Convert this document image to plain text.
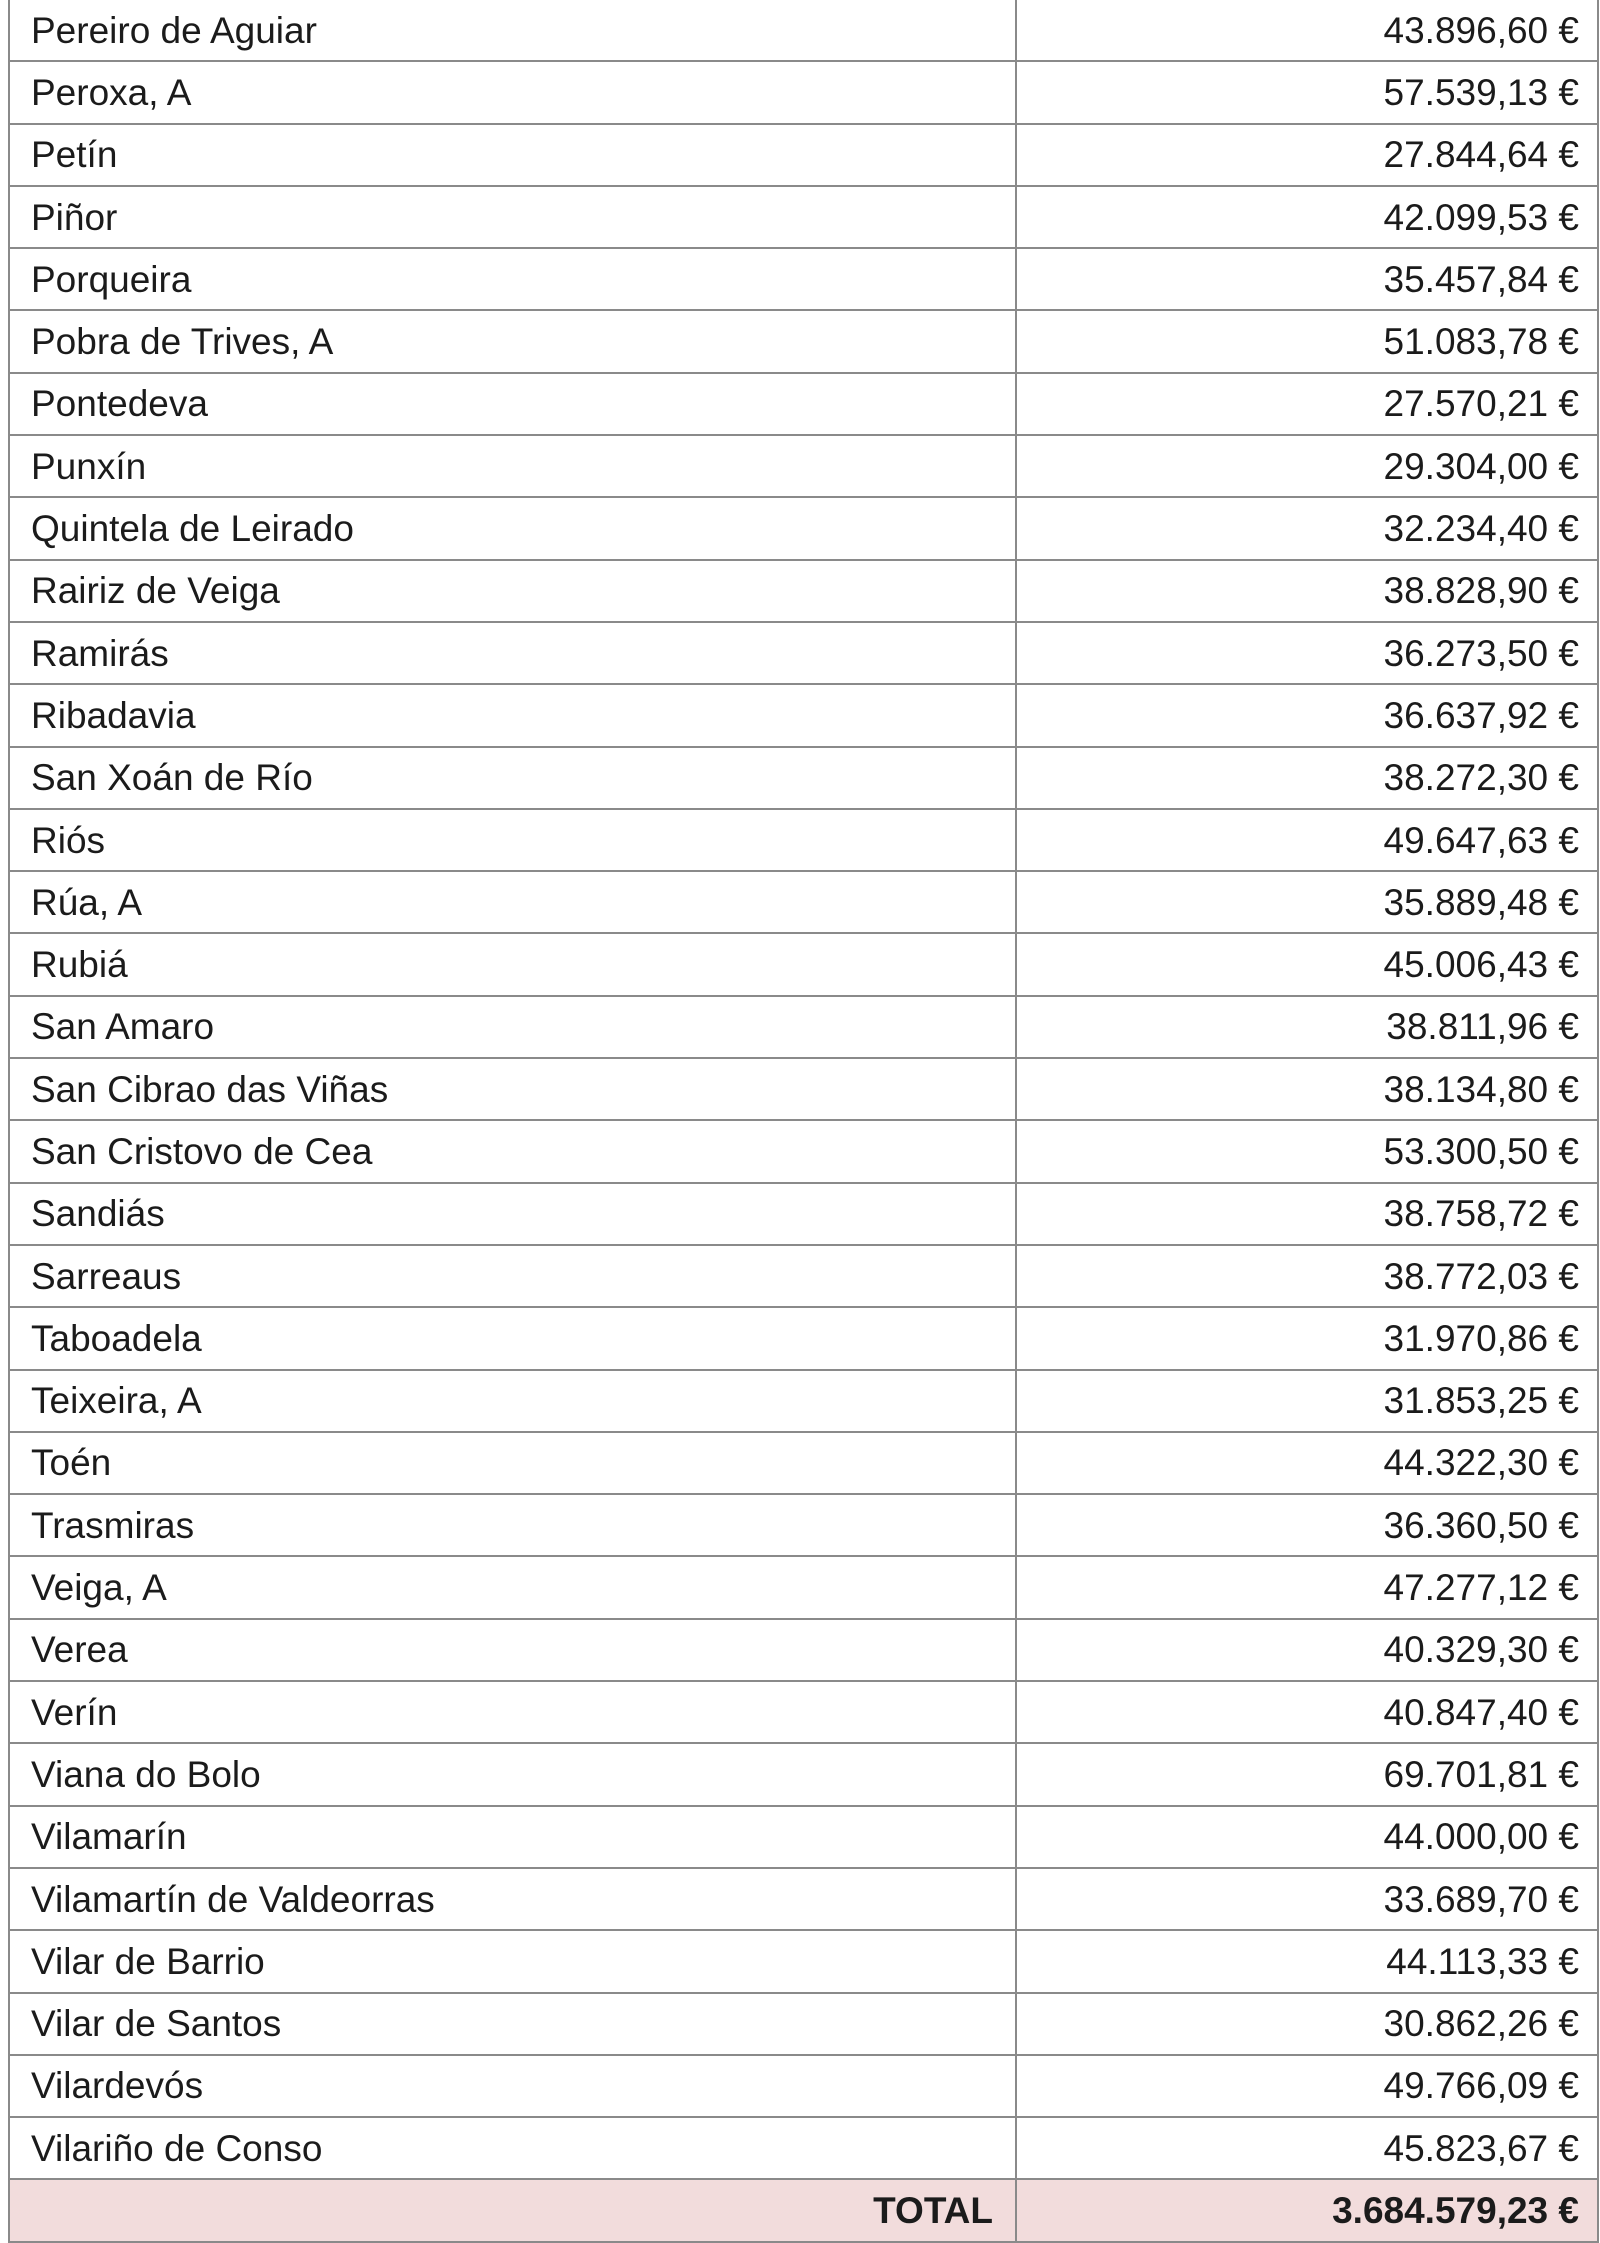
Pereiro de Aguiar	43.896,60 €
Peroxa, A	57.539,13 €
Petín	27.844,64 €
Piñor	42.099,53 €
Porqueira	35.457,84 €
Pobra de Trives, A	51.083,78 €
Pontedeva	27.570,21 €
Punxín	29.304,00 €
Quintela de Leirado	32.234,40 €
Rairiz de Veiga	38.828,90 €
Ramirás	36.273,50 €
Ribadavia	36.637,92 €
San Xoán de Río	38.272,30 €
Riós	49.647,63 €
Rúa, A	35.889,48 €
Rubiá	45.006,43 €
San Amaro	38.811,96 €
San Cibrao das Viñas	38.134,80 €
San Cristovo de Cea	53.300,50 €
Sandiás	38.758,72 €
Sarreaus	38.772,03 €
Taboadela	31.970,86 €
Teixeira, A	31.853,25 €
Toén	44.322,30 €
Trasmiras	36.360,50 €
Veiga, A	47.277,12 €
Verea	40.329,30 €
Verín	40.847,40 €
Viana do Bolo	69.701,81 €
Vilamarín	44.000,00 €
Vilamartín de Valdeorras	33.689,70 €
Vilar de Barrio	44.113,33 €
Vilar de Santos	30.862,26 €
Vilardevós	49.766,09 €
Vilariño de Conso	45.823,67 €
TOTAL	3.684.579,23 €
